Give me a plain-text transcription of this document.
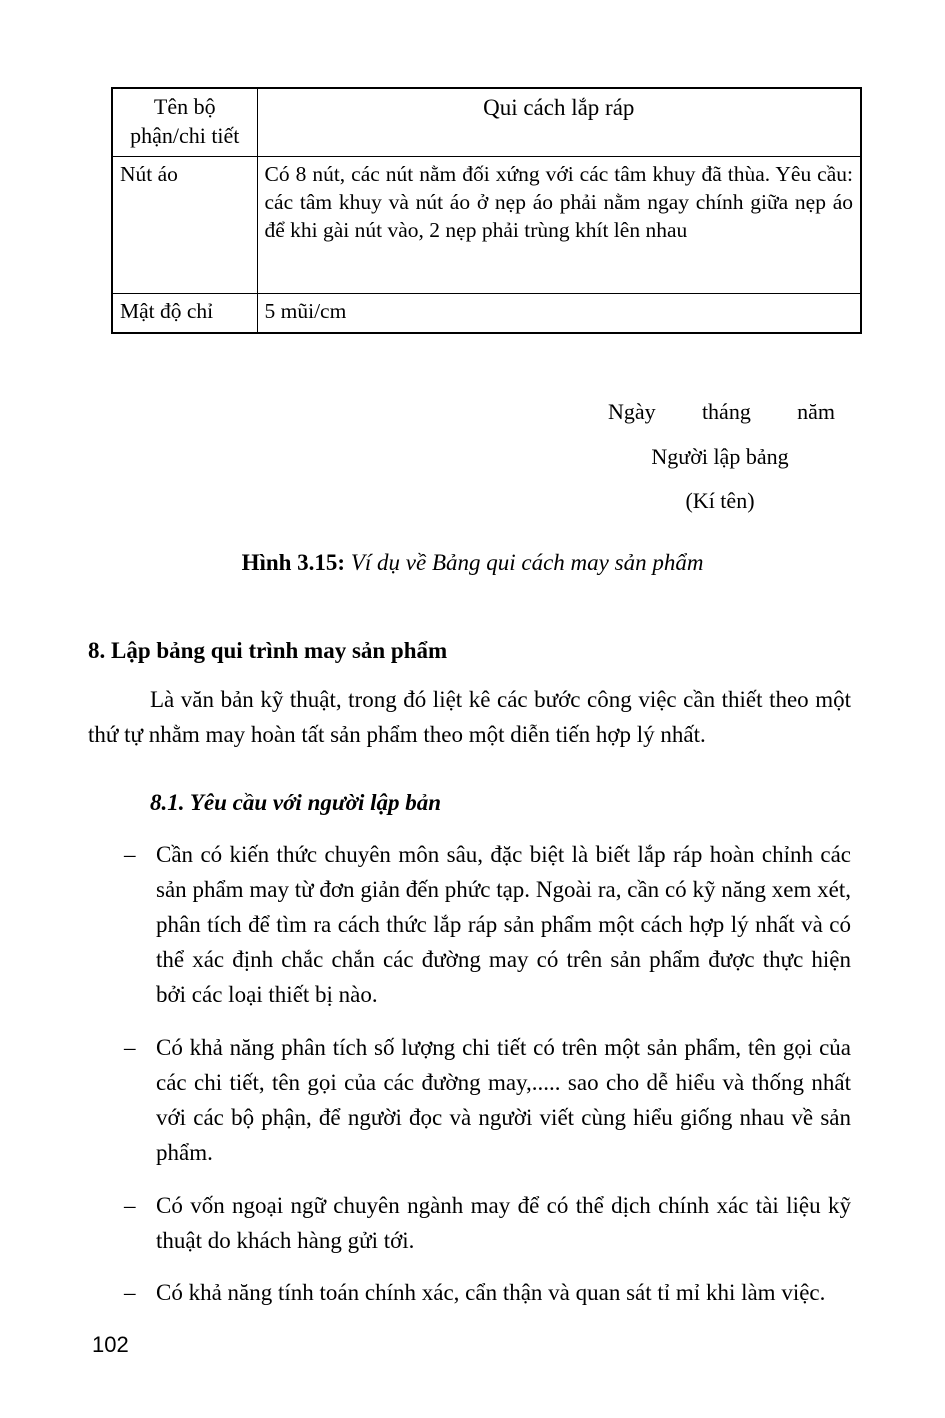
Tên bộ phận/chi tiết	Qui cách lắp ráp
Nút áo	Có 8 nút, các nút nằm đối xứng với các tâm khuy đã thùa. Yêu cầu: các tâm khuy và nút áo ở nẹp áo phải nằm ngay chính giữa nẹp áo để khi gài nút vào, 2 nẹp phải trùng khít lên nhau
Mật độ chỉ	5 mũi/cm
Ngày tháng năm
Người lập bảng
(Kí tên)
Hình 3.15: Ví dụ về Bảng qui cách may sản phẩm
8. Lập bảng qui trình may sản phẩm
Là văn bản kỹ thuật, trong đó liệt kê các bước công việc cần thiết theo một thứ tự nhằm may hoàn tất sản phẩm theo một diễn tiến hợp lý nhất.
8.1. Yêu cầu với người lập bản
– Cần có kiến thức chuyên môn sâu, đặc biệt là biết lắp ráp hoàn chỉnh các sản phẩm may từ đơn giản đến phức tạp. Ngoài ra, cần có kỹ năng xem xét, phân tích để tìm ra cách thức lắp ráp sản phẩm một cách hợp lý nhất và có thể xác định chắc chắn các đường may có trên sản phẩm được thực hiện bởi các loại thiết bị nào.
– Có khả năng phân tích số lượng chi tiết có trên một sản phẩm, tên gọi của các chi tiết, tên gọi của các đường may,..... sao cho dễ hiểu và thống nhất với các bộ phận, để người đọc và người viết cùng hiểu giống nhau về sản phẩm.
– Có vốn ngoại ngữ chuyên ngành may để có thể dịch chính xác tài liệu kỹ thuật do khách hàng gửi tới.
– Có khả năng tính toán chính xác, cẩn thận và quan sát tỉ mỉ khi làm việc.
102
